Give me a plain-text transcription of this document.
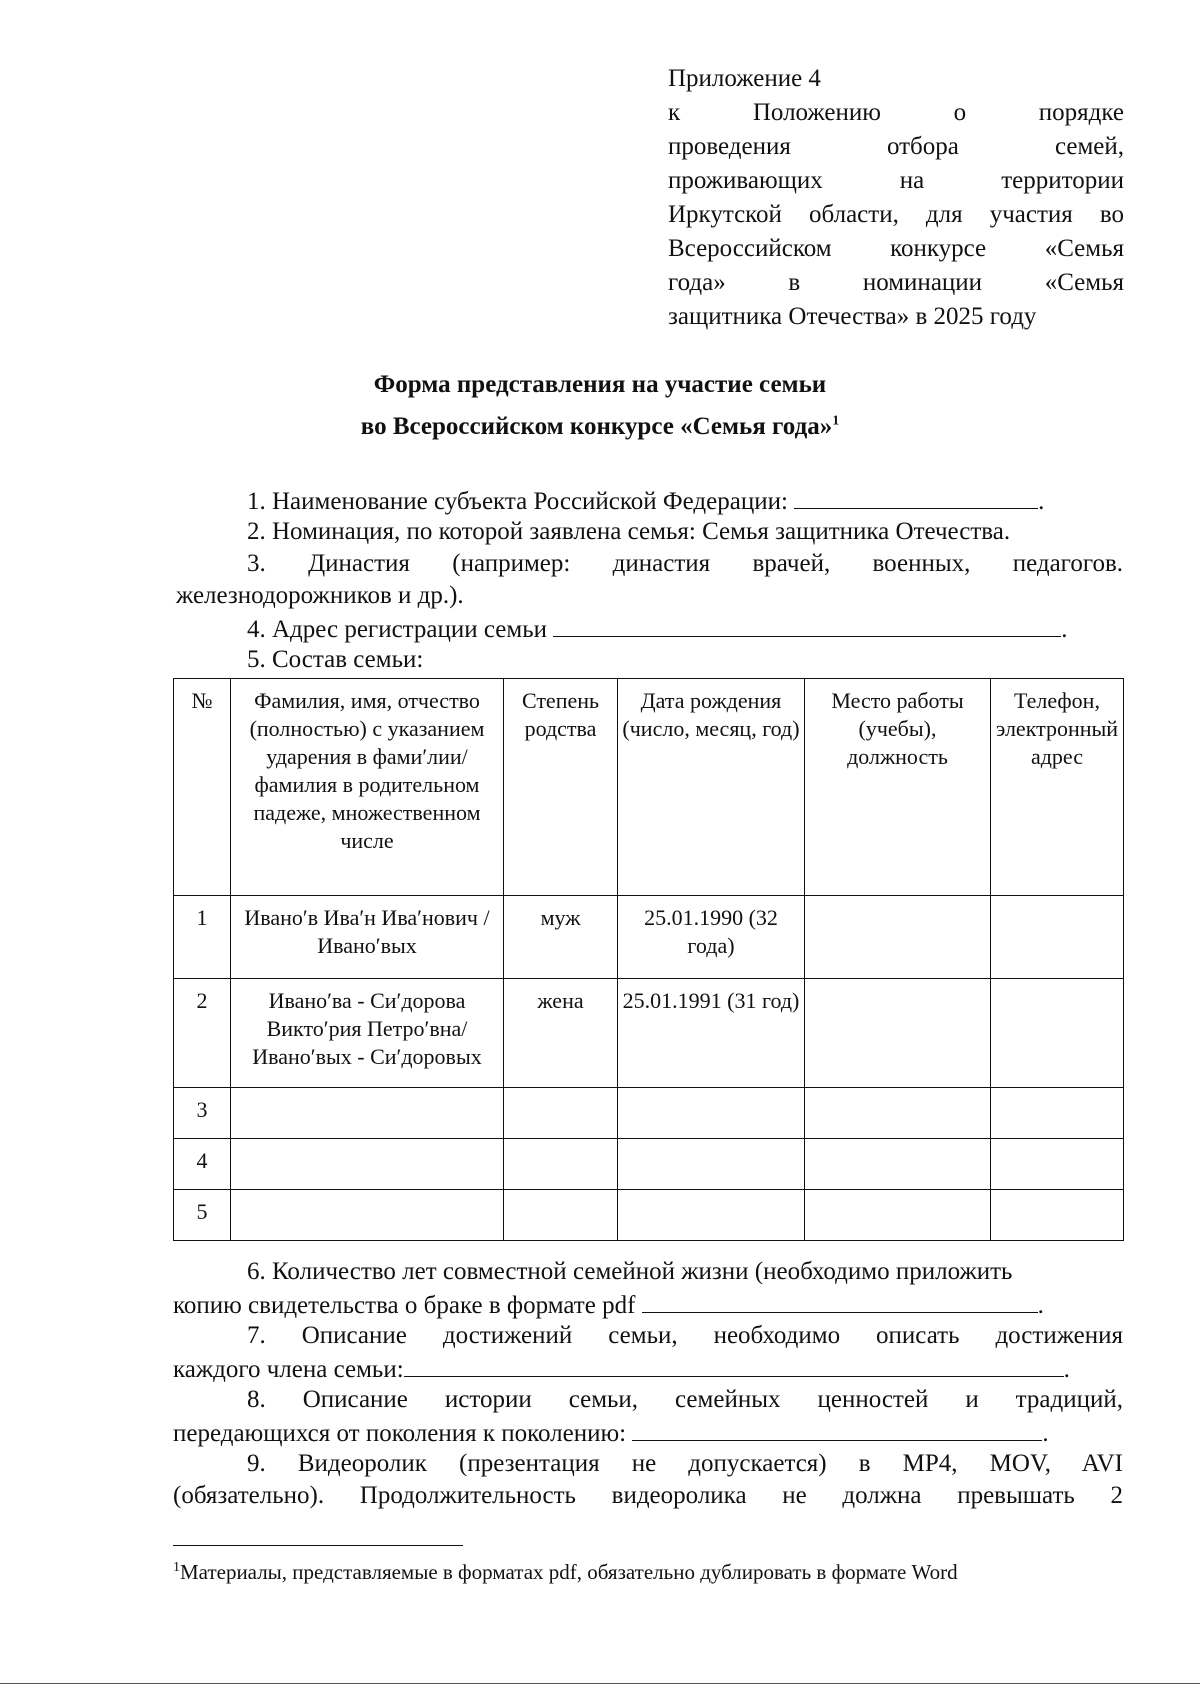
Приложение 4
к Положению о порядке
проведения отбора семей,
проживающих на территории
Иркутской области, для участия во
Всероссийском конкурсе «Семья
года» в номинации «Семья
защитника Отечества» в 2025 году
Форма представления на участие семьи
во Всероссийском конкурсе «Семья года»$^1$
1. Наименование субъекта Российской Федерации:	.
2. Номинация, по которой заявлена семья: Семья защитника Отечества.
3. Династия (например: династия врачей, военных, педагогов.
железнодорожников и др.).
4. Адрес регистрации семьи	.
5. Состав семьи:
№	Фамилия, имя, отчество (полностью) с указанием ударения в фами′лии/ фамилия в родительном падеже, множественном числе	Степень родства	Дата рождения (число, месяц, год)	Место работы (учебы), должность	Телефон, электронный адрес
1	Ивано′в Ива′н Ива′нович / Ивано′вых	муж	25.01.1990 (32 года)		
2	Ивано′ва - Си′дорова Викто′рия Петро′вна/ Ивано′вых - Си′доровых	жена	25.01.1991 (31 год)		
3					
4					
5					
6. Количество лет совместной семейной жизни (необходимо приложить
копию свидетельства о браке в формате pdf	.
7. Описание достижений семьи, необходимо описать достижения
каждого члена семьи:	.
8. Описание истории семьи, семейных ценностей и традиций,
передающихся от поколения к поколению:	.
9. Видеоролик (презентация не допускается) в MP4, MOV, AVI
(обязательно). Продолжительность видеоролика не должна превышать 2
$^1$Материалы, представляемые в форматах pdf, обязательно дублировать в формате Word
